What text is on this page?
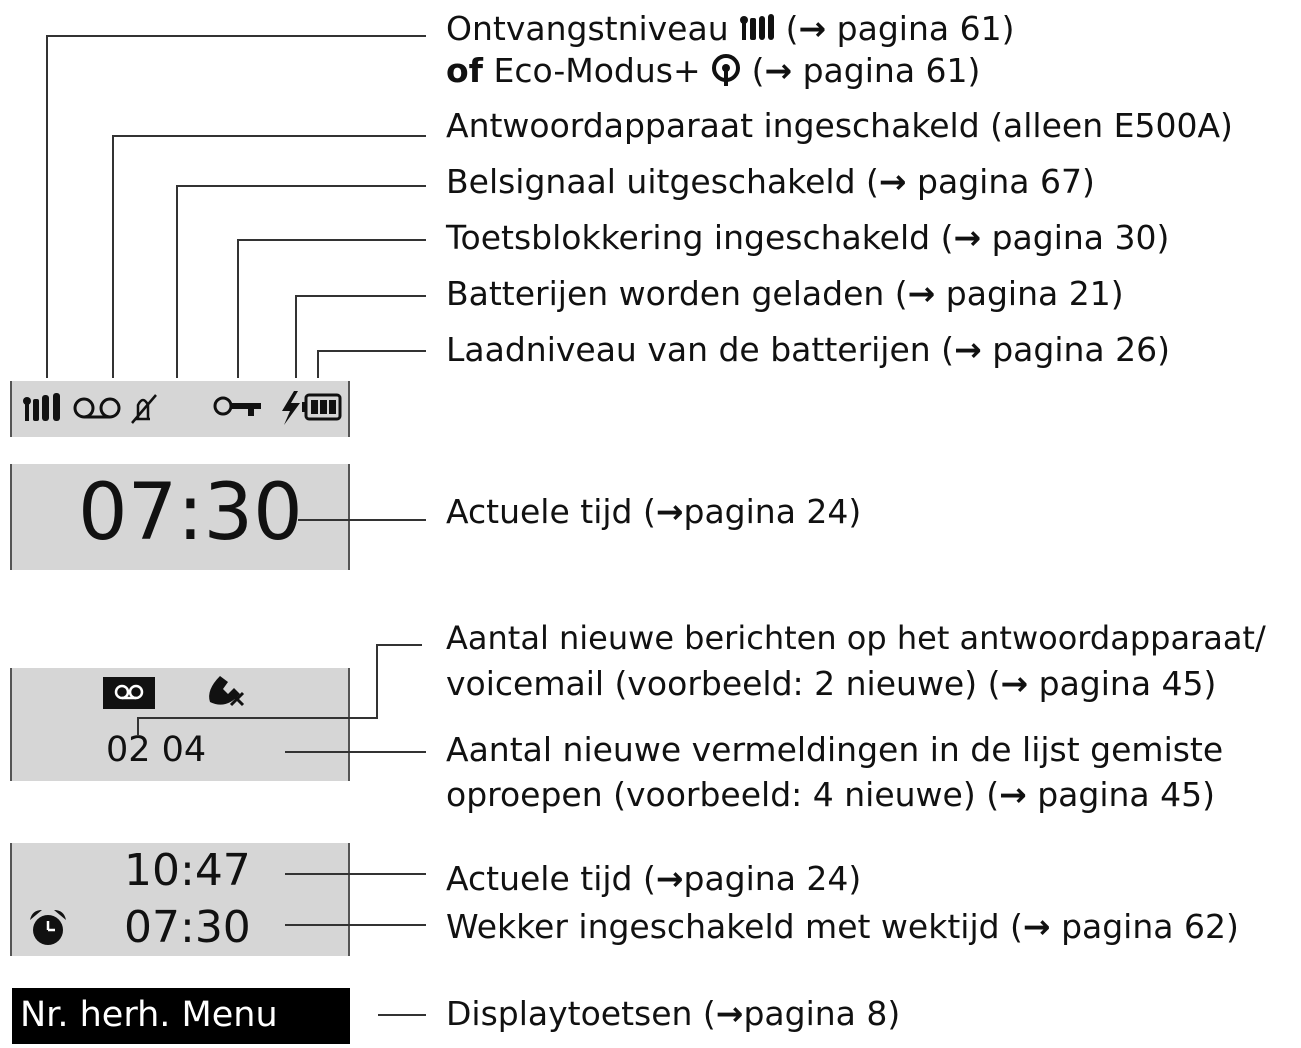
07:30
02 04
10:47
07:30
Nr. herh. Menu
Ontvangstniveau  (→ pagina 61)
of Eco-Modus+  (→ pagina 61)
Antwoordapparaat ingeschakeld (alleen E500A)
Belsignaal uitgeschakeld (→ pagina 67)
Toetsblokkering ingeschakeld (→ pagina 30)
Batterijen worden geladen (→ pagina 21)
Laadniveau van de batterijen (→ pagina 26)
Actuele tijd (→pagina 24)
Aantal nieuwe berichten op het antwoordapparaat/
voicemail (voorbeeld: 2 nieuwe) (→ pagina 45)
Aantal nieuwe vermeldingen in de lijst gemiste
oproepen (voorbeeld: 4 nieuwe) (→ pagina 45)
Actuele tijd (→pagina 24)
Wekker ingeschakeld met wektijd (→ pagina 62)
Displaytoetsen (→pagina 8)
